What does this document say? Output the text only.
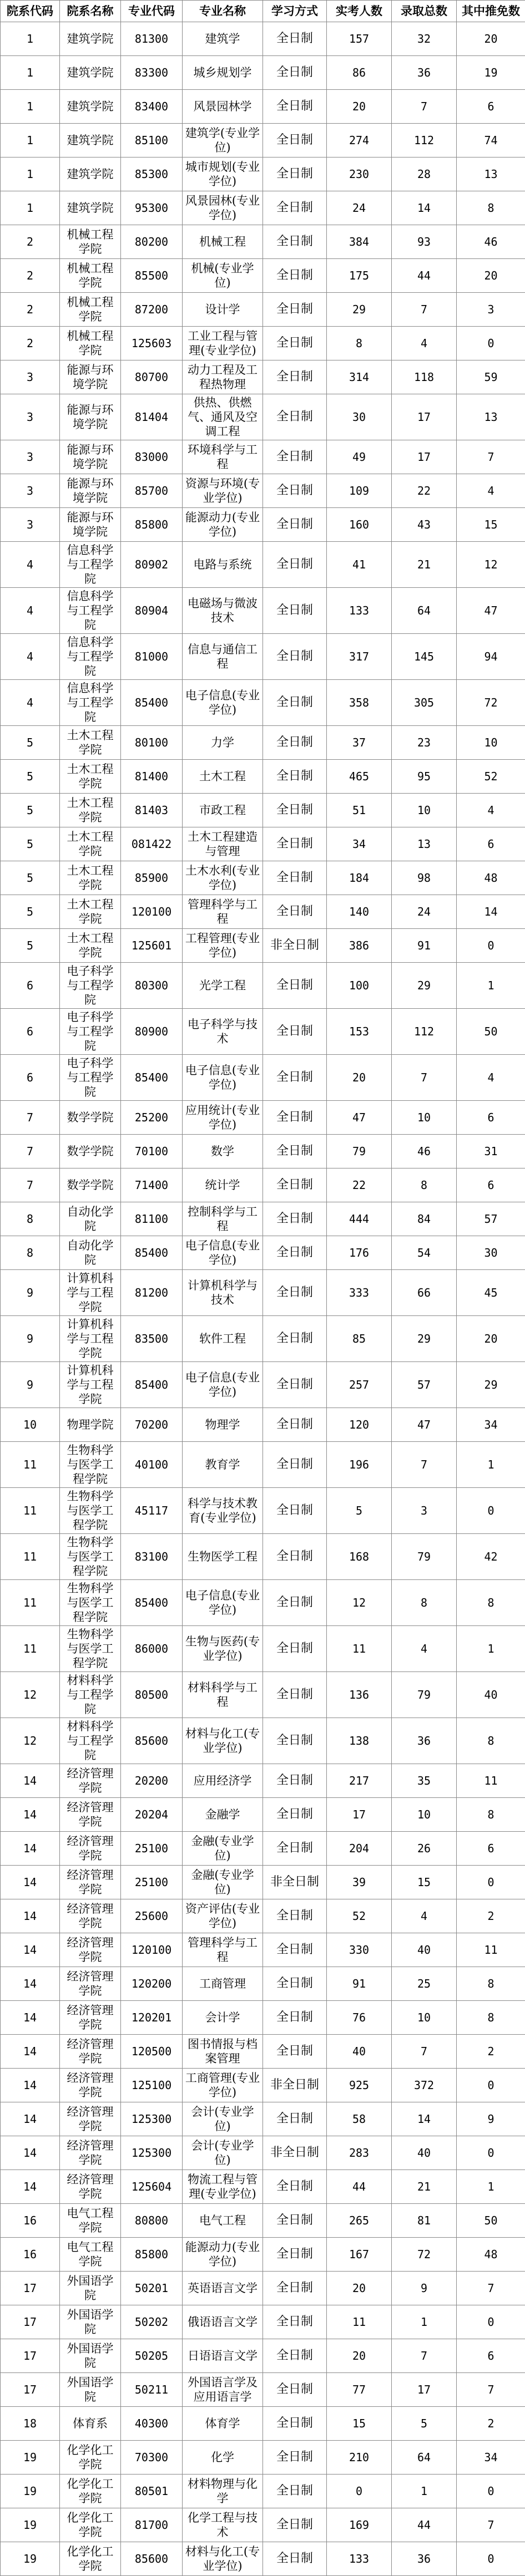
院系代码	院系名称	专业代码	专业名称	学习方式	实考人数	录取总数	其中推免数
1	建筑学院	81300	建筑学	全日制	157	32	20
1	建筑学院	83300	城乡规划学	全日制	86	36	19
1	建筑学院	83400	风景园林学	全日制	20	7	6
1	建筑学院	85100	建筑学(专业学位)	全日制	274	112	74
1	建筑学院	85300	城市规划(专业学位)	全日制	230	28	13
1	建筑学院	95300	风景园林(专业学位)	全日制	24	14	8
2	机械工程学院	80200	机械工程	全日制	384	93	46
2	机械工程学院	85500	机械(专业学位)	全日制	175	44	20
2	机械工程学院	87200	设计学	全日制	29	7	3
2	机械工程学院	125603	工业工程与管理(专业学位)	全日制	8	4	0
3	能源与环境学院	80700	动力工程及工程热物理	全日制	314	118	59
3	能源与环境学院	81404	供热、供燃气、通风及空调工程	全日制	30	17	13
3	能源与环境学院	83000	环境科学与工程	全日制	49	17	7
3	能源与环境学院	85700	资源与环境(专业学位)	全日制	109	22	4
3	能源与环境学院	85800	能源动力(专业学位)	全日制	160	43	15
4	信息科学与工程学院	80902	电路与系统	全日制	41	21	12
4	信息科学与工程学院	80904	电磁场与微波技术	全日制	133	64	47
4	信息科学与工程学院	81000	信息与通信工程	全日制	317	145	94
4	信息科学与工程学院	85400	电子信息(专业学位)	全日制	358	305	72
5	土木工程学院	80100	力学	全日制	37	23	10
5	土木工程学院	81400	土木工程	全日制	465	95	52
5	土木工程学院	81403	市政工程	全日制	51	10	4
5	土木工程学院	081422	土木工程建造与管理	全日制	34	13	6
5	土木工程学院	85900	土木水利(专业学位)	全日制	184	98	48
5	土木工程学院	120100	管理科学与工程	全日制	140	24	14
5	土木工程学院	125601	工程管理(专业学位)	非全日制	386	91	0
6	电子科学与工程学院	80300	光学工程	全日制	100	29	1
6	电子科学与工程学院	80900	电子科学与技术	全日制	153	112	50
6	电子科学与工程学院	85400	电子信息(专业学位)	全日制	20	7	4
7	数学学院	25200	应用统计(专业学位)	全日制	47	10	6
7	数学学院	70100	数学	全日制	79	46	31
7	数学学院	71400	统计学	全日制	22	8	6
8	自动化学院	81100	控制科学与工程	全日制	444	84	57
8	自动化学院	85400	电子信息(专业学位)	全日制	176	54	30
9	计算机科学与工程学院	81200	计算机科学与技术	全日制	333	66	45
9	计算机科学与工程学院	83500	软件工程	全日制	85	29	20
9	计算机科学与工程学院	85400	电子信息(专业学位)	全日制	257	57	29
10	物理学院	70200	物理学	全日制	120	47	34
11	生物科学与医学工程学院	40100	教育学	全日制	196	7	1
11	生物科学与医学工程学院	45117	科学与技术教育(专业学位)	全日制	5	3	0
11	生物科学与医学工程学院	83100	生物医学工程	全日制	168	79	42
11	生物科学与医学工程学院	85400	电子信息(专业学位)	全日制	12	8	8
11	生物科学与医学工程学院	86000	生物与医药(专业学位)	全日制	11	4	1
12	材料科学与工程学院	80500	材料科学与工程	全日制	136	79	40
12	材料科学与工程学院	85600	材料与化工(专业学位)	全日制	138	36	8
14	经济管理学院	20200	应用经济学	全日制	217	35	11
14	经济管理学院	20204	金融学	全日制	17	10	8
14	经济管理学院	25100	金融(专业学位)	全日制	204	26	6
14	经济管理学院	25100	金融(专业学位)	非全日制	39	15	0
14	经济管理学院	25600	资产评估(专业学位)	全日制	52	4	2
14	经济管理学院	120100	管理科学与工程	全日制	330	40	11
14	经济管理学院	120200	工商管理	全日制	91	25	8
14	经济管理学院	120201	会计学	全日制	76	10	8
14	经济管理学院	120500	图书情报与档案管理	全日制	40	7	2
14	经济管理学院	125100	工商管理(专业学位)	非全日制	925	372	0
14	经济管理学院	125300	会计(专业学位)	全日制	58	14	9
14	经济管理学院	125300	会计(专业学位)	非全日制	283	40	0
14	经济管理学院	125604	物流工程与管理(专业学位)	全日制	44	21	1
16	电气工程学院	80800	电气工程	全日制	265	81	50
16	电气工程学院	85800	能源动力(专业学位)	全日制	167	72	48
17	外国语学院	50201	英语语言文学	全日制	20	9	7
17	外国语学院	50202	俄语语言文学	全日制	11	1	0
17	外国语学院	50205	日语语言文学	全日制	20	7	6
17	外国语学院	50211	外国语言学及应用语言学	全日制	77	17	7
18	体育系	40300	体育学	全日制	15	5	2
19	化学化工学院	70300	化学	全日制	210	64	34
19	化学化工学院	80501	材料物理与化学	全日制	0	1	0
19	化学化工学院	81700	化学工程与技术	全日制	169	44	7
19	化学化工学院	85600	材料与化工(专业学位)	全日制	133	36	0
